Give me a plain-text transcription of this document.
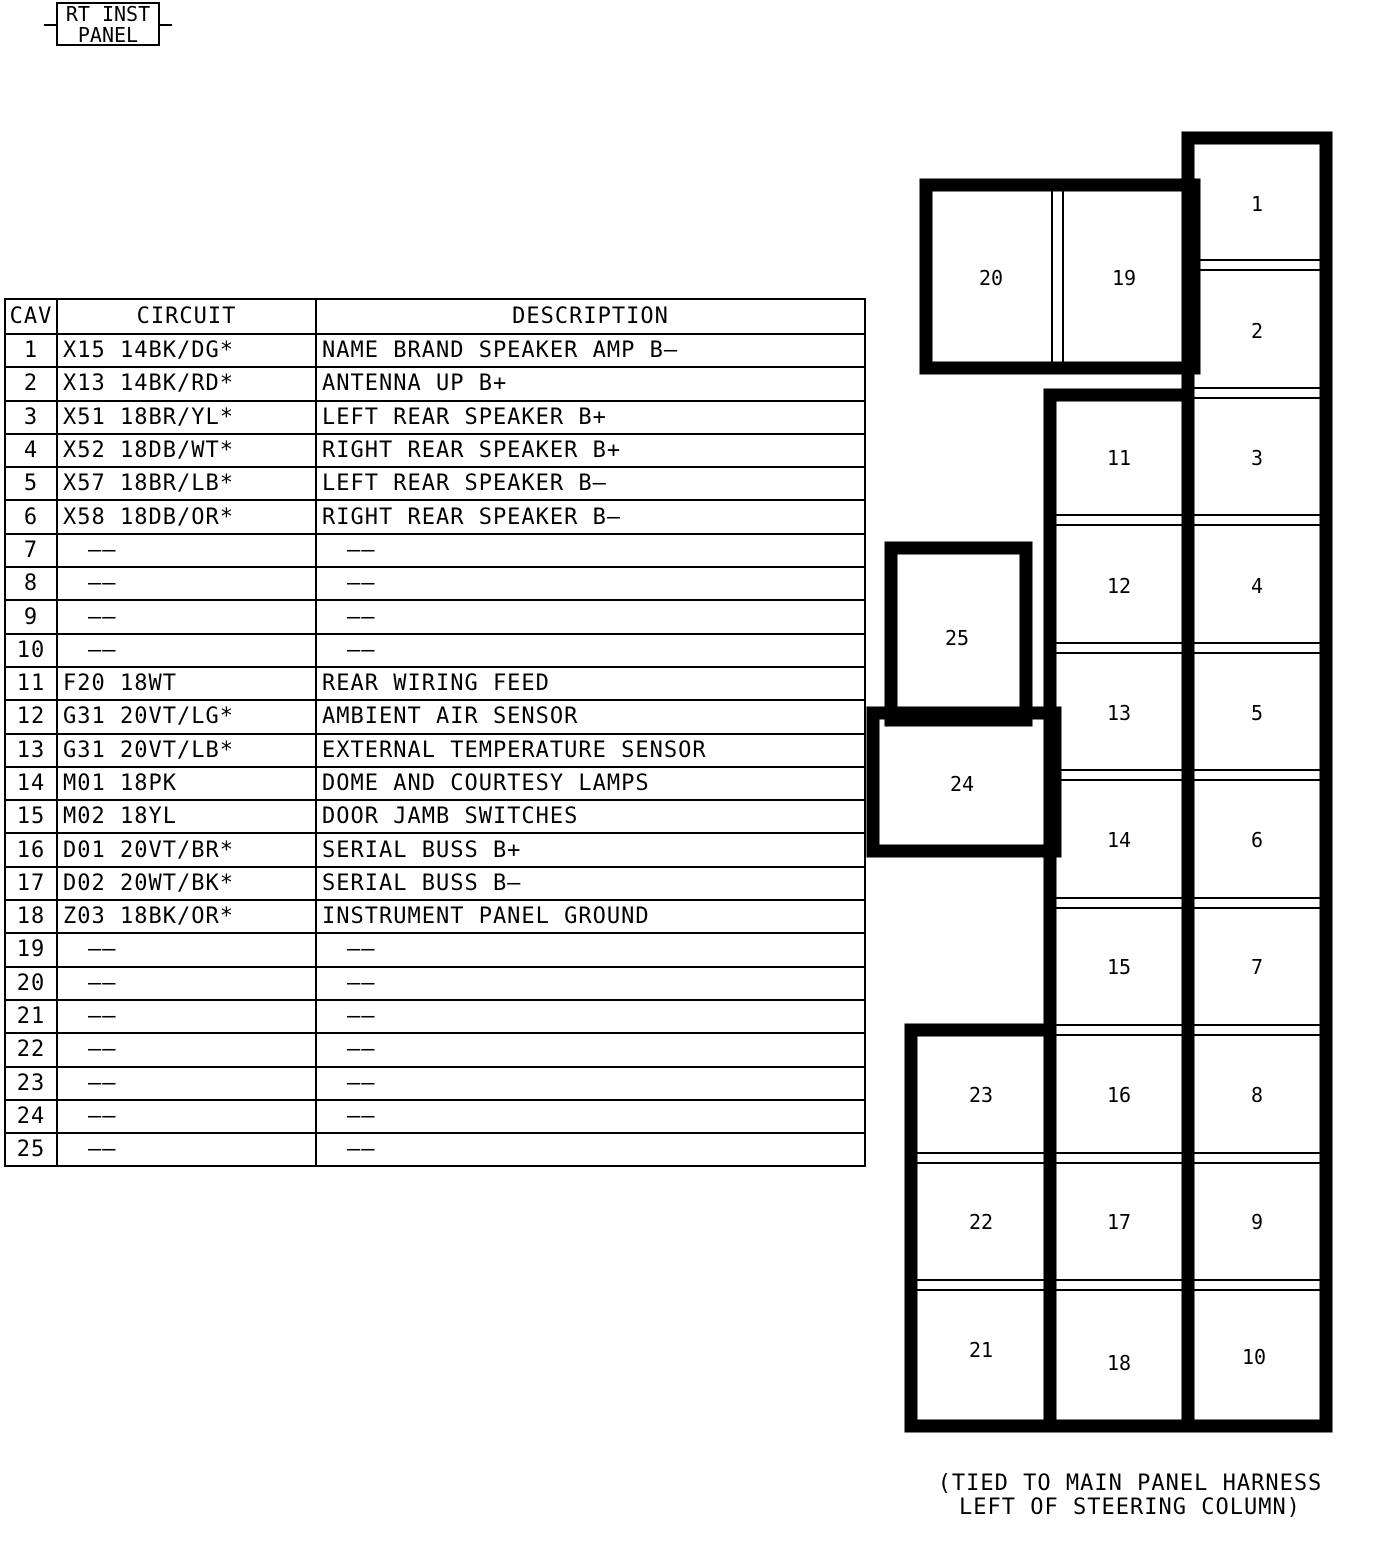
RT INST
PANEL
CAV	CIRCUIT	DESCRIPTION
1	X15 14BK/DG*	NAME BRAND SPEAKER AMP B—
2	X13 14BK/RD*	ANTENNA UP B+
3	X51 18BR/YL*	LEFT REAR SPEAKER B+
4	X52 18DB/WT*	RIGHT REAR SPEAKER B+
5	X57 18BR/LB*	LEFT REAR SPEAKER B—
6	X58 18DB/OR*	RIGHT REAR SPEAKER B—
7	——	——
8	——	——
9	——	——
10	——	——
11	F20 18WT	REAR WIRING FEED
12	G31 20VT/LG*	AMBIENT AIR SENSOR
13	G31 20VT/LB*	EXTERNAL TEMPERATURE SENSOR
14	M01 18PK	DOME AND COURTESY LAMPS
15	M02 18YL	DOOR JAMB SWITCHES
16	D01 20VT/BR*	SERIAL BUSS B+
17	D02 20WT/BK*	SERIAL BUSS B—
18	Z03 18BK/OR*	INSTRUMENT PANEL GROUND
19	——	——
20	——	——
21	——	——
22	——	——
23	——	——
24	——	——
25	——	——
1
2
3
4
5
6
7
8
9
10
11
12
13
14
15
16
17
18
19
20
21
22
23
24
25
(TIED TO MAIN PANEL HARNESS
LEFT OF STEERING COLUMN)
